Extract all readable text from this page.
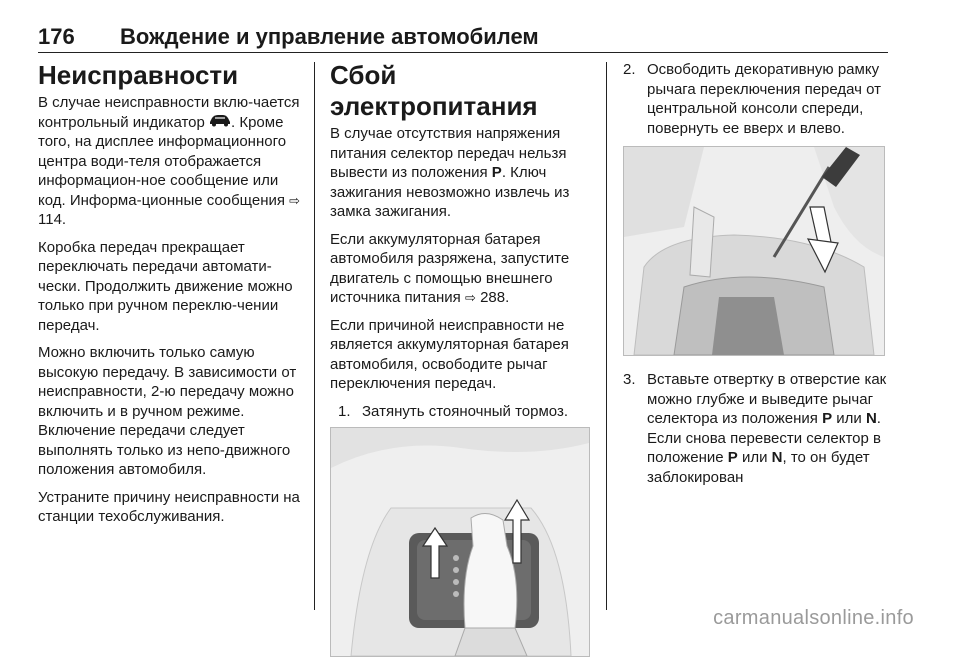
176 Вождение и управление автомобилем
Неисправности

В случае неисправности вклю-чается контрольный индикатор . Кроме того, на дисплее информационного центра води-теля отображается информацион-ное сообщение или код. Информа-ционные сообщения ⇨ 114.

Коробка передач прекращает переключать передачи автомати-чески. Продолжить движение можно только при ручном переклю-чении передач.

Можно включить только самую высокую передачу. В зависимости от неисправности, 2-ю передачу можно включить и в ручном режиме. Включение передачи следует выполнять только из непо-движного положения автомобиля.

Устраните причину неисправности на станции техобслуживания.

Сбой электропитания

В случае отсутствия напряжения питания селектор передач нельзя вывести из положения P. Ключ зажигания невозможно извлечь из замка зажигания.

Если аккумуляторная батарея автомобиля разряжена, запустите двигатель с помощью внешнего источника питания ⇨ 288.

Если причиной неисправности не является аккумуляторная батарея автомобиля, освободите рычаг переключения передач.

1. Затянуть стояночный тормоз.
2. Освободить декоративную рамку рычага переключения передач от центральной консоли спереди, повернуть ее вверх и влево.
3. Вставьте отвертку в отверстие как можно глубже и выведите рычаг селектора из положения P или N. Если снова перевести селектор в положение P или N, то он будет заблокирован
carmanualsonline.info
